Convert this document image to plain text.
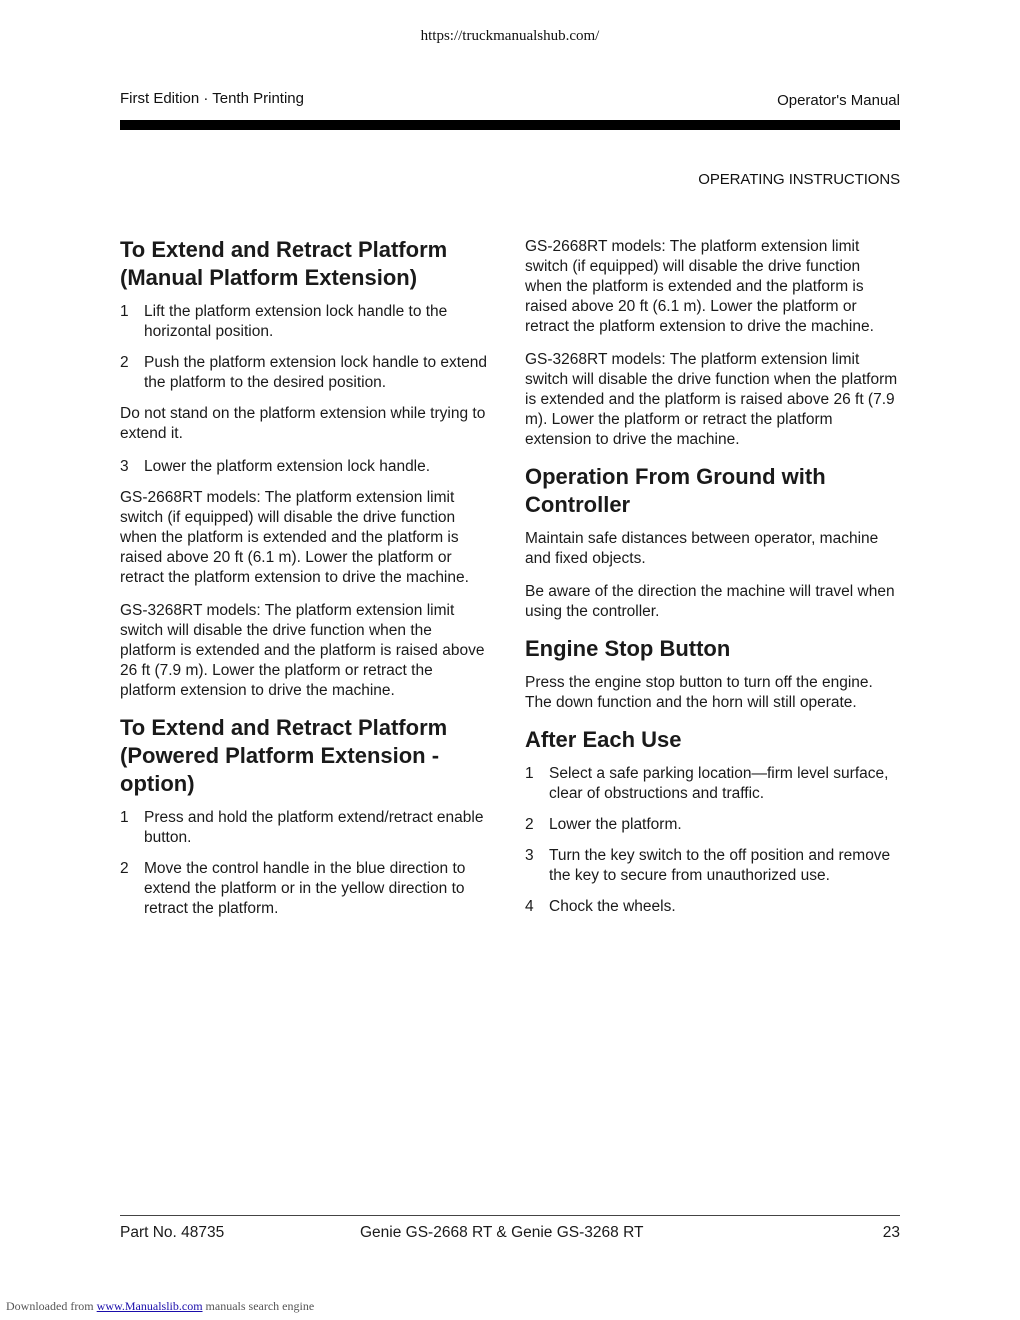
https://truckmanualshub.com/
First Edition · Tenth Printing	Operator's Manual
OPERATING INSTRUCTIONS
To Extend and Retract Platform (Manual Platform Extension)
1 Lift the platform extension lock handle to the horizontal position.
2 Push the platform extension lock handle to extend the platform to the desired position.

Do not stand on the platform extension while trying to extend it.

3 Lower the platform extension lock handle.

GS-2668RT models: The platform extension limit switch (if equipped) will disable the drive function when the platform is extended and the platform is raised above 20 ft (6.1 m). Lower the platform or retract the platform extension to drive the machine.

GS-3268RT models: The platform extension limit switch will disable the drive function when the platform is extended and the platform is raised above 26 ft (7.9 m). Lower the platform or retract the platform extension to drive the machine.

To Extend and Retract Platform (Powered Platform Extension - option)
1 Press and hold the platform extend/retract enable button.
2 Move the control handle in the blue direction to extend the platform or in the yellow direction to retract the platform.

GS-2668RT models: The platform extension limit switch (if equipped) will disable the drive function when the platform is extended and the platform is raised above 20 ft (6.1 m). Lower the platform or retract the platform extension to drive the machine.

GS-3268RT models: The platform extension limit switch will disable the drive function when the platform is extended and the platform is raised above 26 ft (7.9 m). Lower the platform or retract the platform extension to drive the machine.

Operation From Ground with Controller

Maintain safe distances between operator, machine and fixed objects.

Be aware of the direction the machine will travel when using the controller.

Engine Stop Button

Press the engine stop button to turn off the engine. The down function and the horn will still operate.

After Each Use
1 Select a safe parking location—firm level surface, clear of obstructions and traffic.
2 Lower the platform.
3 Turn the key switch to the off position and remove the key to secure from unauthorized use.
4 Chock the wheels.
Part No. 48735	Genie GS-2668 RT & Genie GS-3268 RT	23
Downloaded from www.Manualslib.com manuals search engine
